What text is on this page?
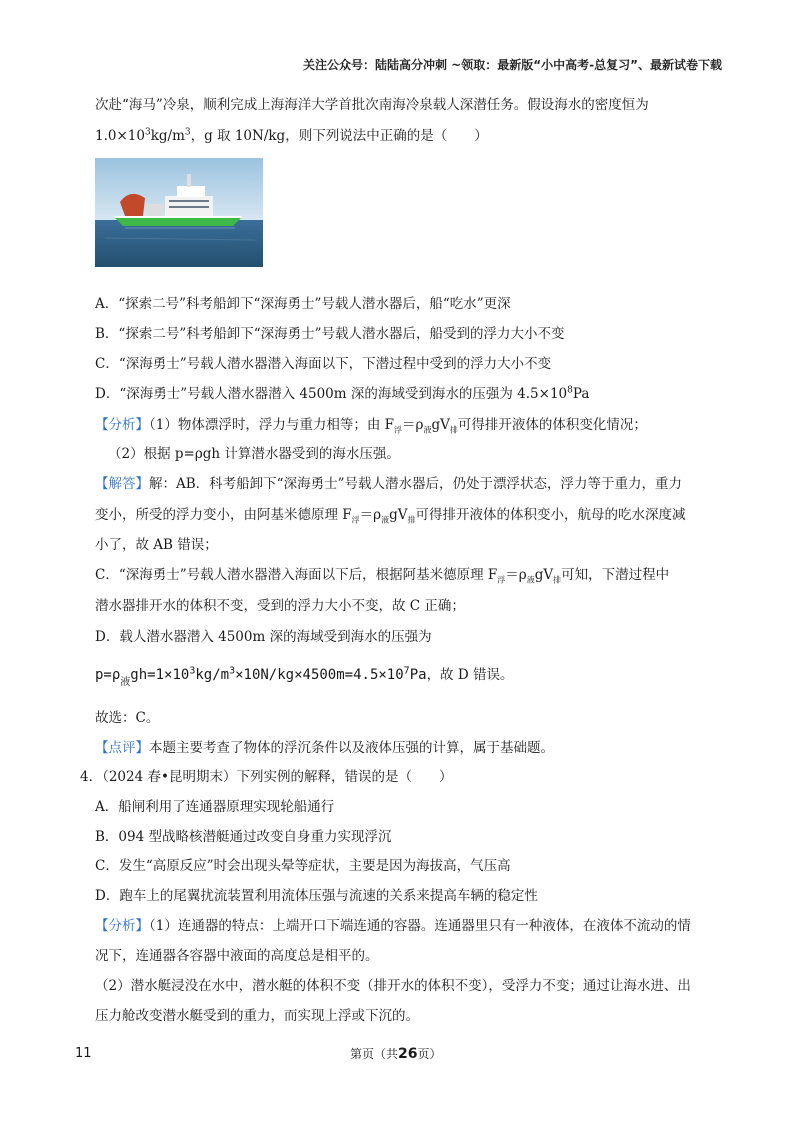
关注公众号：陆陆高分冲刺 ~领取：最新版“小中高考-总复习”、最新试卷下载
次赴“海马”冷泉，顺利完成上海海洋大学首批次南海冷泉载人深潜任务。假设海水的密度恒为
$1.0\times 10^3kg/m^3$，g 取 10N/kg，则下列说法中正确的是（　　）
A．“探索二号”科考船卸下“深海勇士”号载人潜水器后，船“吃水”更深
B．“探索二号”科考船卸下“深海勇士”号载人潜水器后，船受到的浮力大小不变
C．“深海勇士”号载人潜水器潜入海面以下，下潜过程中受到的浮力大小不变
D．“深海勇士”号载人潜水器潜入 4500m 深的海域受到海水的压强为 $4.5\times 10^8Pa$
【分析】（1）物体漂浮时，浮力与重力相等；由 $F_浮=\rho_液gV_排$可得排开液体的体积变化情况；
（2）根据 p=ρgh 计算潜水器受到的海水压强。
【解答】解：AB．科考船卸下“深海勇士”号载人潜水器后，仍处于漂浮状态，浮力等于重力，重力
变小，所受的浮力变小，由阿基米德原理 $F_浮=\rho_液gV_排$可得排开液体的体积变小，航母的吃水深度减
小了，故 AB 错误；
C．“深海勇士”号载人潜水器潜入海面以下后，根据阿基米德原理 $F_浮=\rho_液gV_排$可知，下潜过程中
潜水器排开水的体积不变，受到的浮力大小不变，故 C 正确；
D．载人潜水器潜入 4500m 深的海域受到海水的压强为
$p=\rho_液gh=1\times 10^3kg/m^3\times 10N/kg\times 4500m=4.5\times 10^7Pa$，故 D 错误。
故选：C。
【点评】本题主要考查了物体的浮沉条件以及液体压强的计算，属于基础题。
4．（2024 春•昆明期末）下列实例的解释，错误的是（　　）
A．船闸利用了连通器原理实现轮船通行
B．094 型战略核潜艇通过改变自身重力实现浮沉
C．发生“高原反应”时会出现头晕等症状，主要是因为海拔高，气压高
D．跑车上的尾翼扰流装置利用流体压强与流速的关系来提高车辆的稳定性
【分析】（1）连通器的特点：上端开口下端连通的容器。连通器里只有一种液体，在液体不流动的情
况下，连通器各容器中液面的高度总是相平的。
（2）潜水艇浸没在水中，潜水艇的体积不变（排开水的体积不变），受浮力不变；通过让海水进、出
压力舱改变潜水艇受到的重力，而实现上浮或下沉的。
11	第页（共26页）
